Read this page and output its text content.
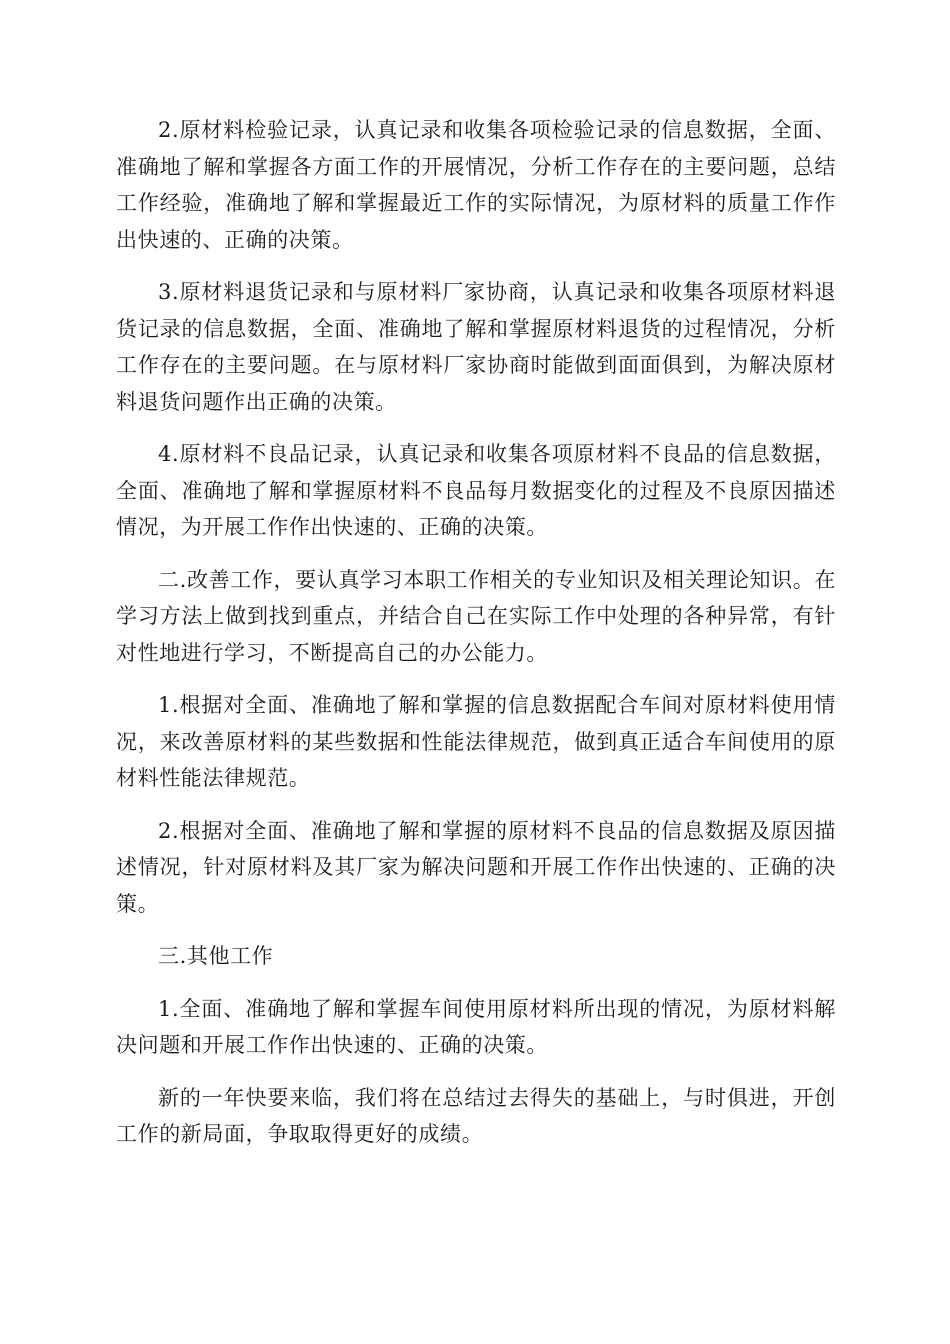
2.原材料检验记录，认真记录和收集各项检验记录的信息数据，全面、准确地了解和掌握各方面工作的开展情况，分析工作存在的主要问题，总结工作经验，准确地了解和掌握最近工作的实际情况，为原材料的质量工作作出快速的、正确的决策。

3.原材料退货记录和与原材料厂家协商，认真记录和收集各项原材料退货记录的信息数据，全面、准确地了解和掌握原材料退货的过程情况，分析工作存在的主要问题。在与原材料厂家协商时能做到面面俱到，为解决原材料退货问题作出正确的决策。

4.原材料不良品记录，认真记录和收集各项原材料不良品的信息数据，全面、准确地了解和掌握原材料不良品每月数据变化的过程及不良原因描述情况，为开展工作作出快速的、正确的决策。

二.改善工作，要认真学习本职工作相关的专业知识及相关理论知识。在学习方法上做到找到重点，并结合自己在实际工作中处理的各种异常，有针对性地进行学习，不断提高自己的办公能力。

1.根据对全面、准确地了解和掌握的信息数据配合车间对原材料使用情况，来改善原材料的某些数据和性能法律规范，做到真正适合车间使用的原材料性能法律规范。

2.根据对全面、准确地了解和掌握的原材料不良品的信息数据及原因描述情况，针对原材料及其厂家为解决问题和开展工作作出快速的、正确的决策。

三.其他工作

1.全面、准确地了解和掌握车间使用原材料所出现的情况，为原材料解决问题和开展工作作出快速的、正确的决策。

新的一年快要来临，我们将在总结过去得失的基础上，与时俱进，开创工作的新局面，争取取得更好的成绩。
